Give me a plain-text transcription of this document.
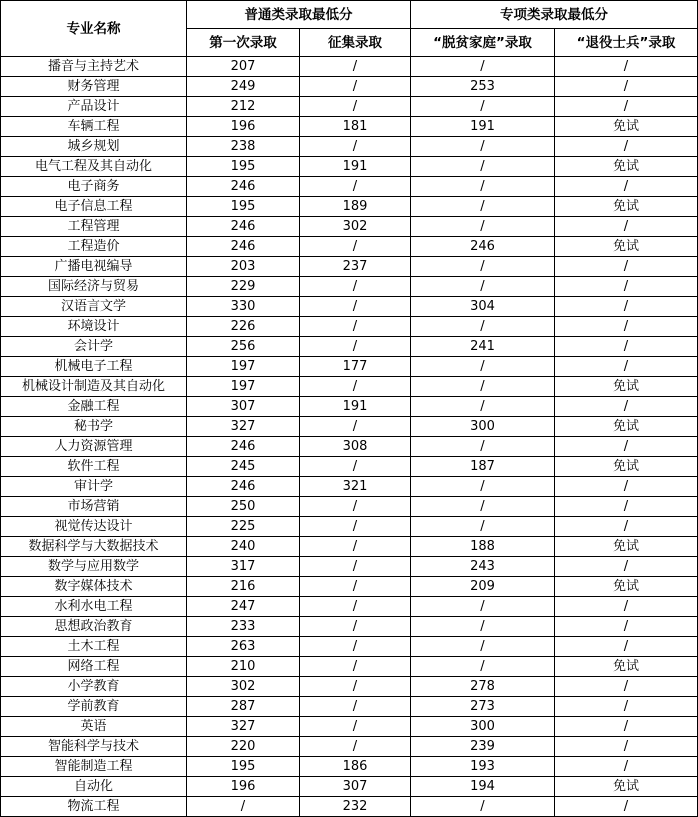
专业名称	普通类录取最低分		专项类录取最低分	
	第一次录取	征集录取	“脱贫家庭”录取	“退役士兵”录取
播音与主持艺术	207	/	/	/
财务管理	249	/	253	/
产品设计	212	/	/	/
车辆工程	196	181	191	免试
城乡规划	238	/	/	/
电气工程及其自动化	195	191	/	免试
电子商务	246	/	/	/
电子信息工程	195	189	/	免试
工程管理	246	302	/	/
工程造价	246	/	246	免试
广播电视编导	203	237	/	/
国际经济与贸易	229	/	/	/
汉语言文学	330	/	304	/
环境设计	226	/	/	/
会计学	256	/	241	/
机械电子工程	197	177	/	/
机械设计制造及其自动化	197	/	/	免试
金融工程	307	191	/	/
秘书学	327	/	300	免试
人力资源管理	246	308	/	/
软件工程	245	/	187	免试
审计学	246	321	/	/
市场营销	250	/	/	/
视觉传达设计	225	/	/	/
数据科学与大数据技术	240	/	188	免试
数学与应用数学	317	/	243	/
数字媒体技术	216	/	209	免试
水利水电工程	247	/	/	/
思想政治教育	233	/	/	/
土木工程	263	/	/	/
网络工程	210	/	/	免试
小学教育	302	/	278	/
学前教育	287	/	273	/
英语	327	/	300	/
智能科学与技术	220	/	239	/
智能制造工程	195	186	193	/
自动化	196	307	194	免试
物流工程	/	232	/	/
